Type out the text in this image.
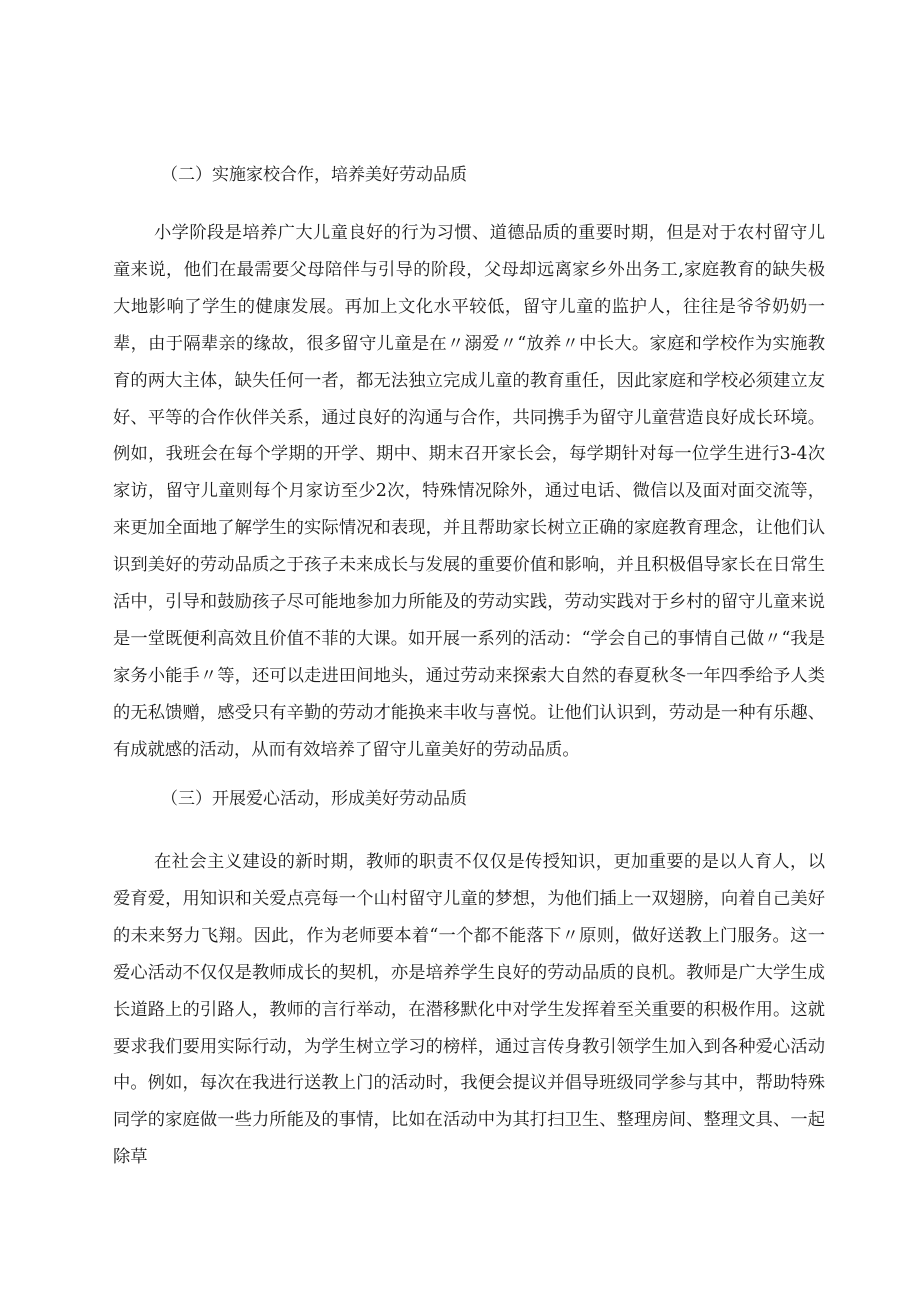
（二）实施家校合作，培养美好劳动品质

小学阶段是培养广大儿童良好的行为习惯、道德品质的重要时期，但是对于农村留守儿童来说，他们在最需要父母陪伴与引导的阶段，父母却远离家乡外出务工,家庭教育的缺失极大地影响了学生的健康发展。再加上文化水平较低，留守儿童的监护人，往往是爷爷奶奶一辈，由于隔辈亲的缘故，很多留守儿童是在〃溺爱〃“放养〃中长大。家庭和学校作为实施教育的两大主体，缺失任何一者，都无法独立完成儿童的教育重任，因此家庭和学校必须建立友好、平等的合作伙伴关系，通过良好的沟通与合作，共同携手为留守儿童营造良好成长环境。例如，我班会在每个学期的开学、期中、期末召开家长会，每学期针对每一位学生进行3-4次家访，留守儿童则每个月家访至少2次，特殊情况除外，通过电话、微信以及面对面交流等，来更加全面地了解学生的实际情况和表现，并且帮助家长树立正确的家庭教育理念，让他们认识到美好的劳动品质之于孩子未来成长与发展的重要价值和影响，并且积极倡导家长在日常生活中，引导和鼓励孩子尽可能地参加力所能及的劳动实践，劳动实践对于乡村的留守儿童来说是一堂既便利高效且价值不菲的大课。如开展一系列的活动：“学会自己的事情自己做〃“我是家务小能手〃等，还可以走进田间地头，通过劳动来探索大自然的春夏秋冬一年四季给予人类的无私馈赠，感受只有辛勤的劳动才能换来丰收与喜悦。让他们认识到，劳动是一种有乐趣、有成就感的活动，从而有效培养了留守儿童美好的劳动品质。

（三）开展爱心活动，形成美好劳动品质

在社会主义建设的新时期，教师的职责不仅仅是传授知识，更加重要的是以人育人，以爱育爱，用知识和关爱点亮每一个山村留守儿童的梦想，为他们插上一双翅膀，向着自己美好的未来努力飞翔。因此，作为老师要本着“一个都不能落下〃原则，做好送教上门服务。这一爱心活动不仅仅是教师成长的契机，亦是培养学生良好的劳动品质的良机。教师是广大学生成长道路上的引路人，教师的言行举动，在潜移默化中对学生发挥着至关重要的积极作用。这就要求我们要用实际行动，为学生树立学习的榜样，通过言传身教引领学生加入到各种爱心活动中。例如，每次在我进行送教上门的活动时，我便会提议并倡导班级同学参与其中，帮助特殊同学的家庭做一些力所能及的事情，比如在活动中为其打扫卫生、整理房间、整理文具、一起除草
